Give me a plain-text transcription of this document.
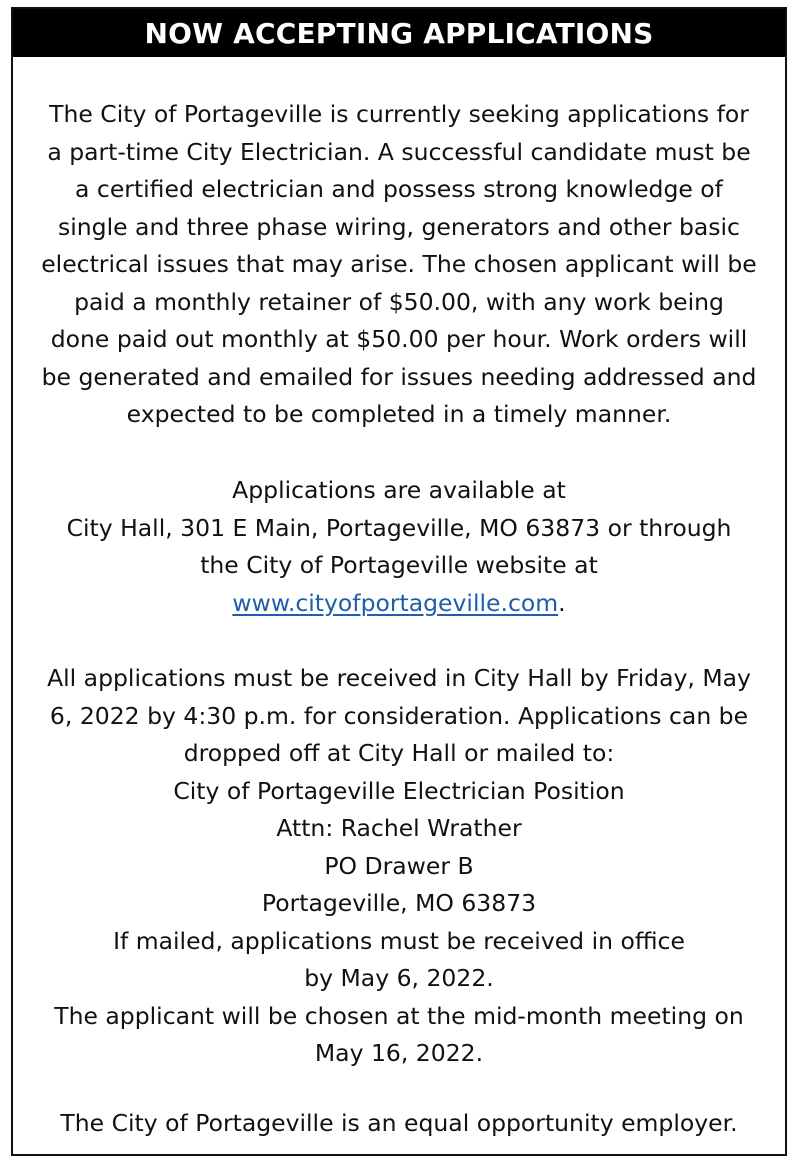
NOW ACCEPTING APPLICATIONS
The City of Portageville is currently seeking applications for
a part-time City Electrician. A successful candidate must be
a certified electrician and possess strong knowledge of
single and three phase wiring, generators and other basic
electrical issues that may arise. The chosen applicant will be
paid a monthly retainer of $50.00, with any work being
done paid out monthly at $50.00 per hour. Work orders will
be generated and emailed for issues needing addressed and
expected to be completed in a timely manner.
Applications are available at
City Hall, 301 E Main, Portageville, MO 63873 or through
the City of Portageville website at
www.cityofportageville.com.
All applications must be received in City Hall by Friday, May
6, 2022 by 4:30 p.m. for consideration. Applications can be
dropped off at City Hall or mailed to:
City of Portageville Electrician Position
Attn: Rachel Wrather
PO Drawer B
Portageville, MO 63873
If mailed, applications must be received in office
by May 6, 2022.
The applicant will be chosen at the mid-month meeting on
May 16, 2022.
The City of Portageville is an equal opportunity employer.
